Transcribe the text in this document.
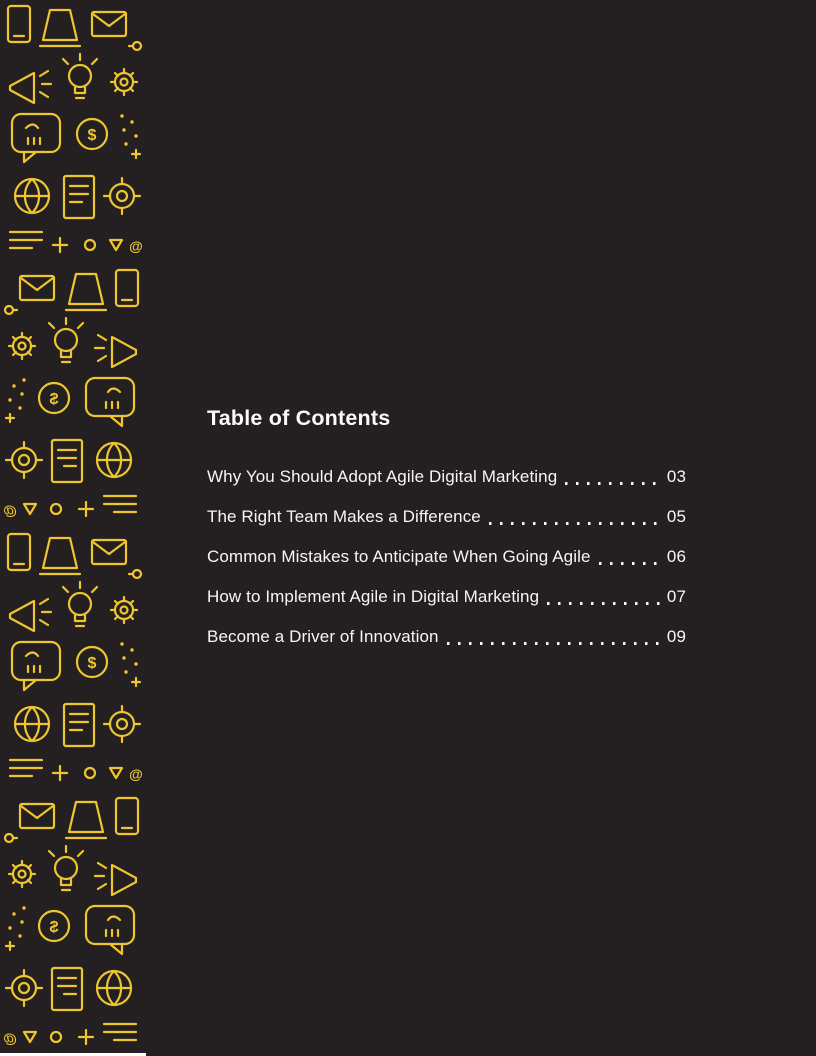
Table of Contents
Why You Should Adopt Agile Digital Marketing	03
The Right Team Makes a Difference	05
Common Mistakes to Anticipate When Going Agile	06
How to Implement Agile in Digital Marketing	07
Become a Driver of Innovation	09
